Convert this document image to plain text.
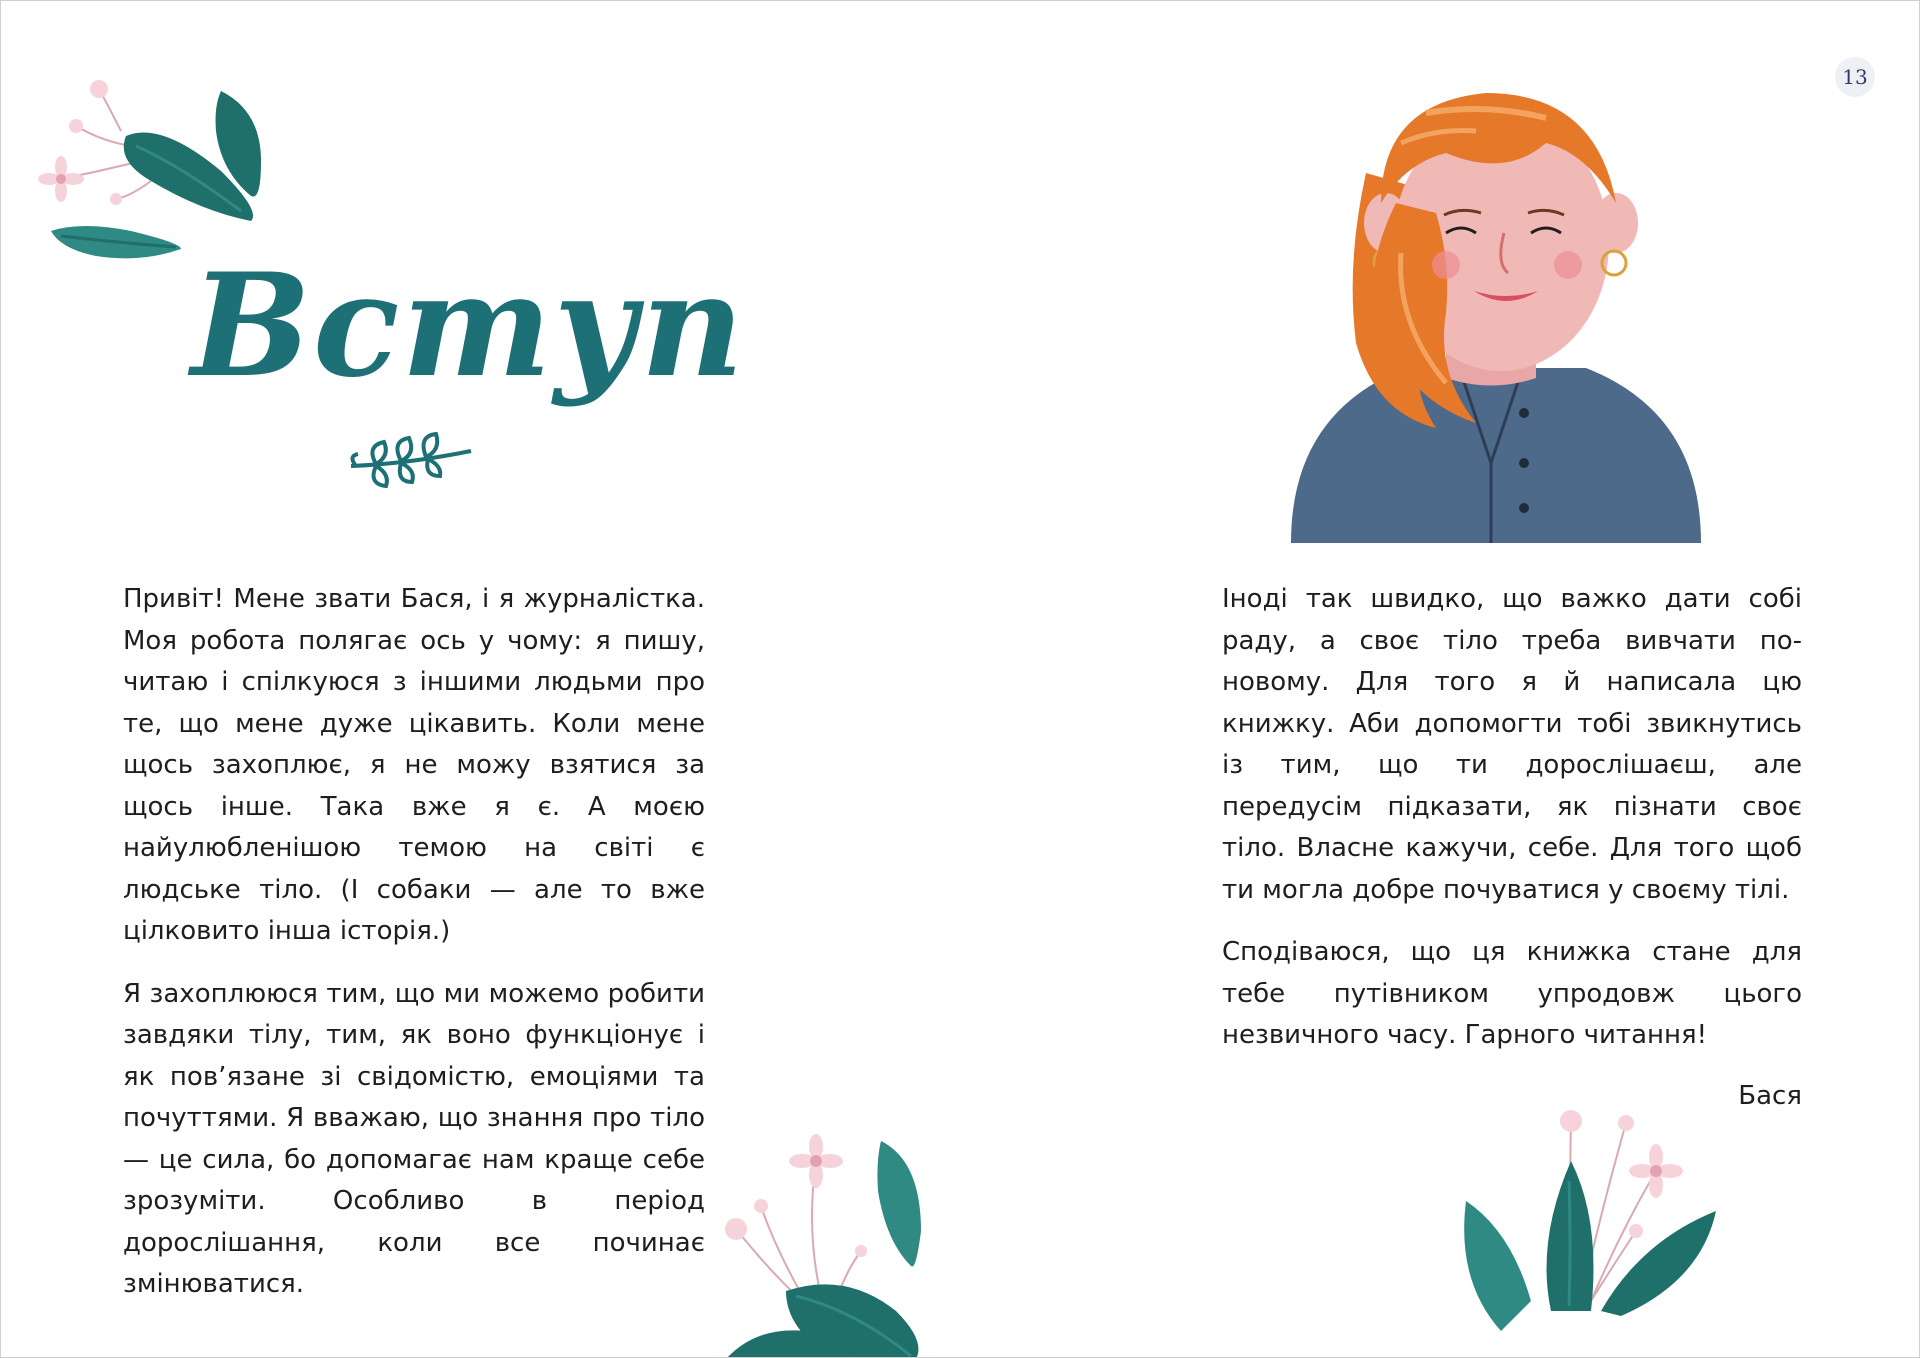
13
Вступ

Привіт! Мене звати Бася, і я журналістка. Моя робота полягає ось у чому: я пишу, читаю і спілкуюся з іншими людьми про те, що мене дуже цікавить. Коли мене щось захоплює, я не можу взятися за щось інше. Така вже я є. А моєю найулюбленішою темою на світі є людське тіло. (І собаки — але то вже цілковито інша історія.)

Я захоплююся тим, що ми можемо робити завдяки тілу, тим, як воно функціонує і як пов’язане зі свідомістю, емоціями та почуттями. Я вважаю, що знання про тіло — це сила, бо допомагає нам краще себе зрозуміти. Особливо в період дорослішання, коли все починає змінюватися.

Іноді так швидко, що важко дати собі раду, а своє тіло треба вивчати по-новому. Для того я й написала цю книжку. Аби допомогти тобі звикнутись із тим, що ти дорослішаєш, але передусім підказати, як пізнати своє тіло. Власне кажучи, себе. Для того щоб ти могла добре почуватися у своєму тілі.

Сподіваюся, що ця книжка стане для тебе путівником упродовж цього незвичного часу. Гарного читання!

Бася
